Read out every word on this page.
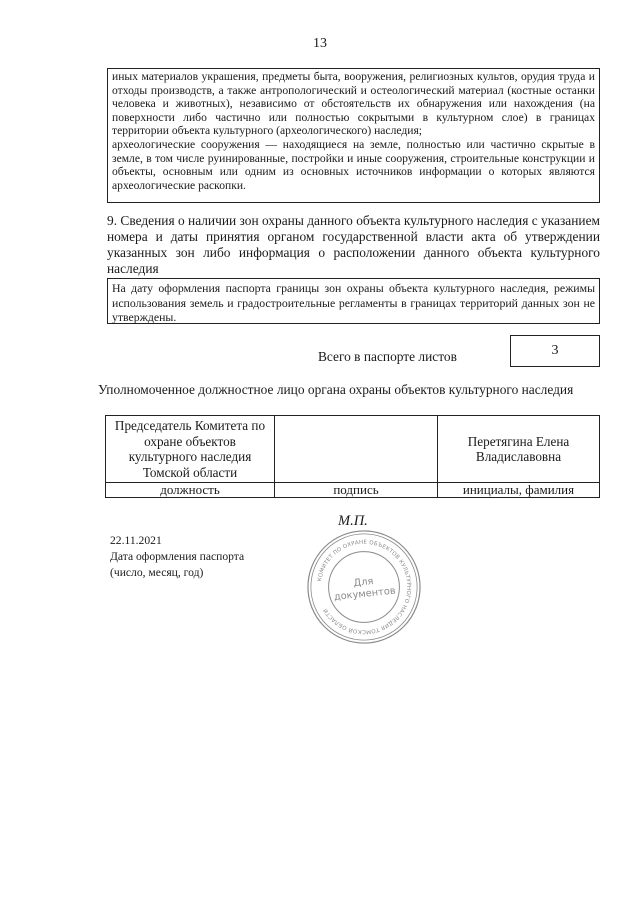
13

иных материалов украшения, предметы быта, вооружения, религиозных культов, орудия труда и отходы производств, а также антропологический и остеологический материал (костные останки человека и животных), независимо от обстоятельств их обнаружения или нахождения (на поверхности либо частично или полностью сокрытыми в культурном слое) в границах территории объекта культурного (археологического) наследия;

археологические сооружения — находящиеся на земле, полностью или частично скрытые в земле, в том числе руинированные, постройки и иные сооружения, строительные конструкции и объекты, основным или одним из основных источников информации о которых являются археологические раскопки.

9. Сведения о наличии зон охраны данного объекта культурного наследия с указанием номера и даты принятия органом государственной власти акта об утверждении указанных зон либо информация о расположении данного объекта культурного наследия
На дату оформления паспорта границы зон охраны объекта культурного наследия, режимы использования земель и градостроительные регламенты в границах территорий данных зон не утверждены.
Всего в паспорте листов	3
Уполномоченное должностное лицо органа охраны объектов культурного наследия
Председатель Комитета по охране объектов культурного наследия Томской области		Перетягина Елена Владиславовна
должность	подпись	инициалы, фамилия
М.П.
22.11.2021
Дата оформления паспорта
(число, месяц, год)
КОМИТЕТ ПО ОХРАНЕ ОБЪЕКТОВ КУЛЬТУРНОГО НАСЛЕДИЯ ТОМСКОЙ ОБЛАСТИ
Для
документов
